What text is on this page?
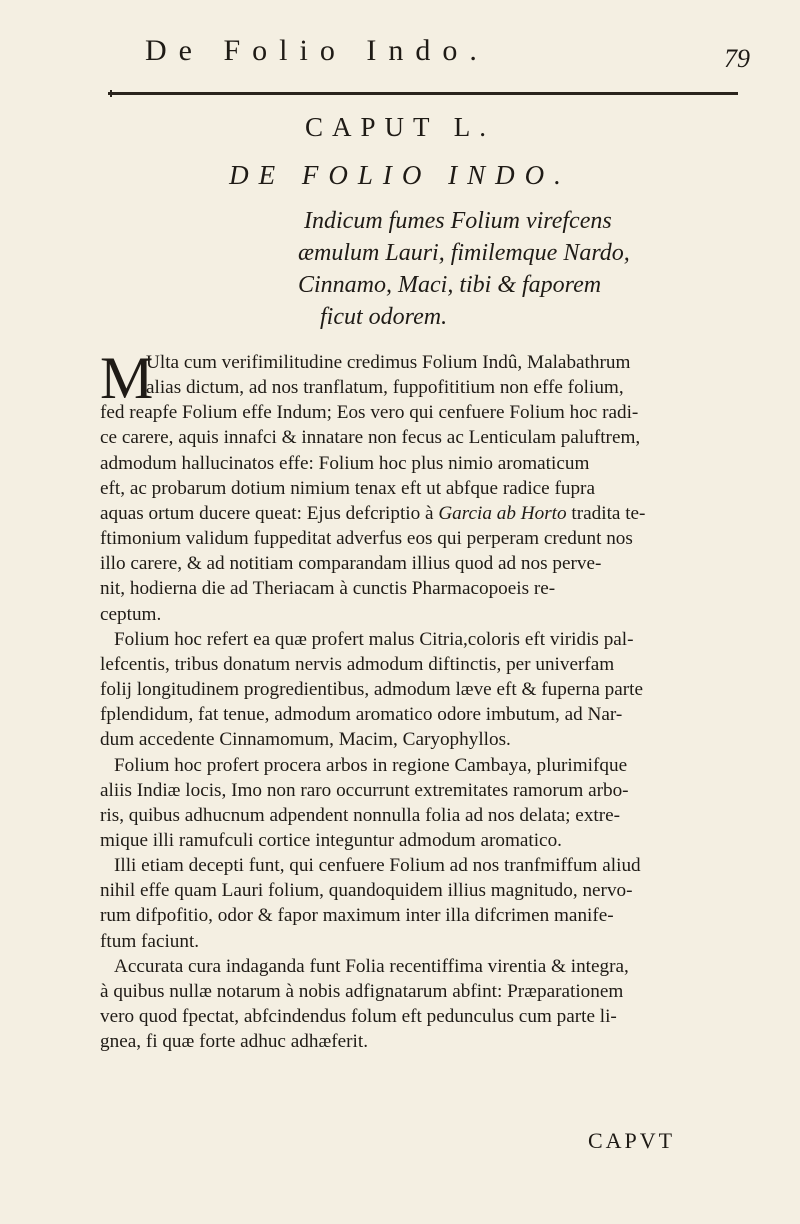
De Folio Indo.	79
CAPUT L.
DE FOLIO INDO.
Indicum fumes Folium virefcens
æmulum Lauri, fimilemque Nardo,
Cinnamo, Maci, tibi & faporem
ficut odorem.
M
Ulta cum verifimilitudine credimus Folium Indû, Malabathrum
alias dictum, ad nos tranflatum, fuppofititium non effe folium,
fed reapfe Folium effe Indum; Eos vero qui cenfuere Folium hoc radi-
ce carere, aquis innafci & innatare non fecus ac Lenticulam paluftrem,
admodum hallucinatos effe: Folium hoc plus nimio aromaticum
eft, ac probarum dotium nimium tenax eft ut abfque radice fupra
aquas ortum ducere queat: Ejus defcriptio à Garcia ab Horto tradita te-
ftimonium validum fuppeditat adverfus eos qui perperam credunt nos
illo carere, & ad notitiam comparandam illius quod ad nos perve-
nit, hodierna die ad Theriacam à cunctis Pharmacopoeis re-
ceptum.
Folium hoc refert ea quæ profert malus Citria,coloris eft viridis pal-
lefcentis, tribus donatum nervis admodum diftinctis, per univerfam
folij longitudinem progredientibus, admodum læve eft & fuperna parte
fplendidum, fat tenue, admodum aromatico odore imbutum, ad Nar-
dum accedente Cinnamomum, Macim, Caryophyllos.
Folium hoc profert procera arbos in regione Cambaya, plurimifque
aliis Indiæ locis, Imo non raro occurrunt extremitates ramorum arbo-
ris, quibus adhucnum adpendent nonnulla folia ad nos delata; extre-
mique illi ramufculi cortice integuntur admodum aromatico.
Illi etiam decepti funt, qui cenfuere Folium ad nos tranfmiffum aliud
nihil effe quam Lauri folium, quandoquidem illius magnitudo, nervo-
rum difpofitio, odor & fapor maximum inter illa difcrimen manife-
ftum faciunt.
Accurata cura indaganda funt Folia recentiffima virentia & integra,
à quibus nullæ notarum à nobis adfignatarum abfint: Præparationem
vero quod fpectat, abfcindendus folum eft pedunculus cum parte li-
gnea, fi quæ forte adhuc adhæferit.
CAPVT
